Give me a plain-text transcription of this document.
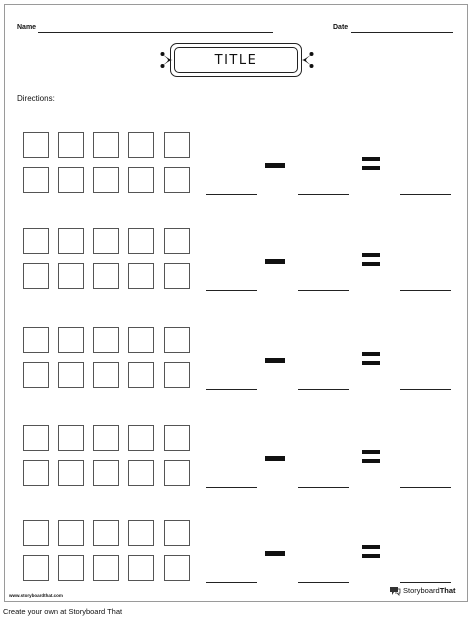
Name	Date
TITLE
Directions:
www.storyboardthat.com
StoryboardThat
Create your own at Storyboard That
